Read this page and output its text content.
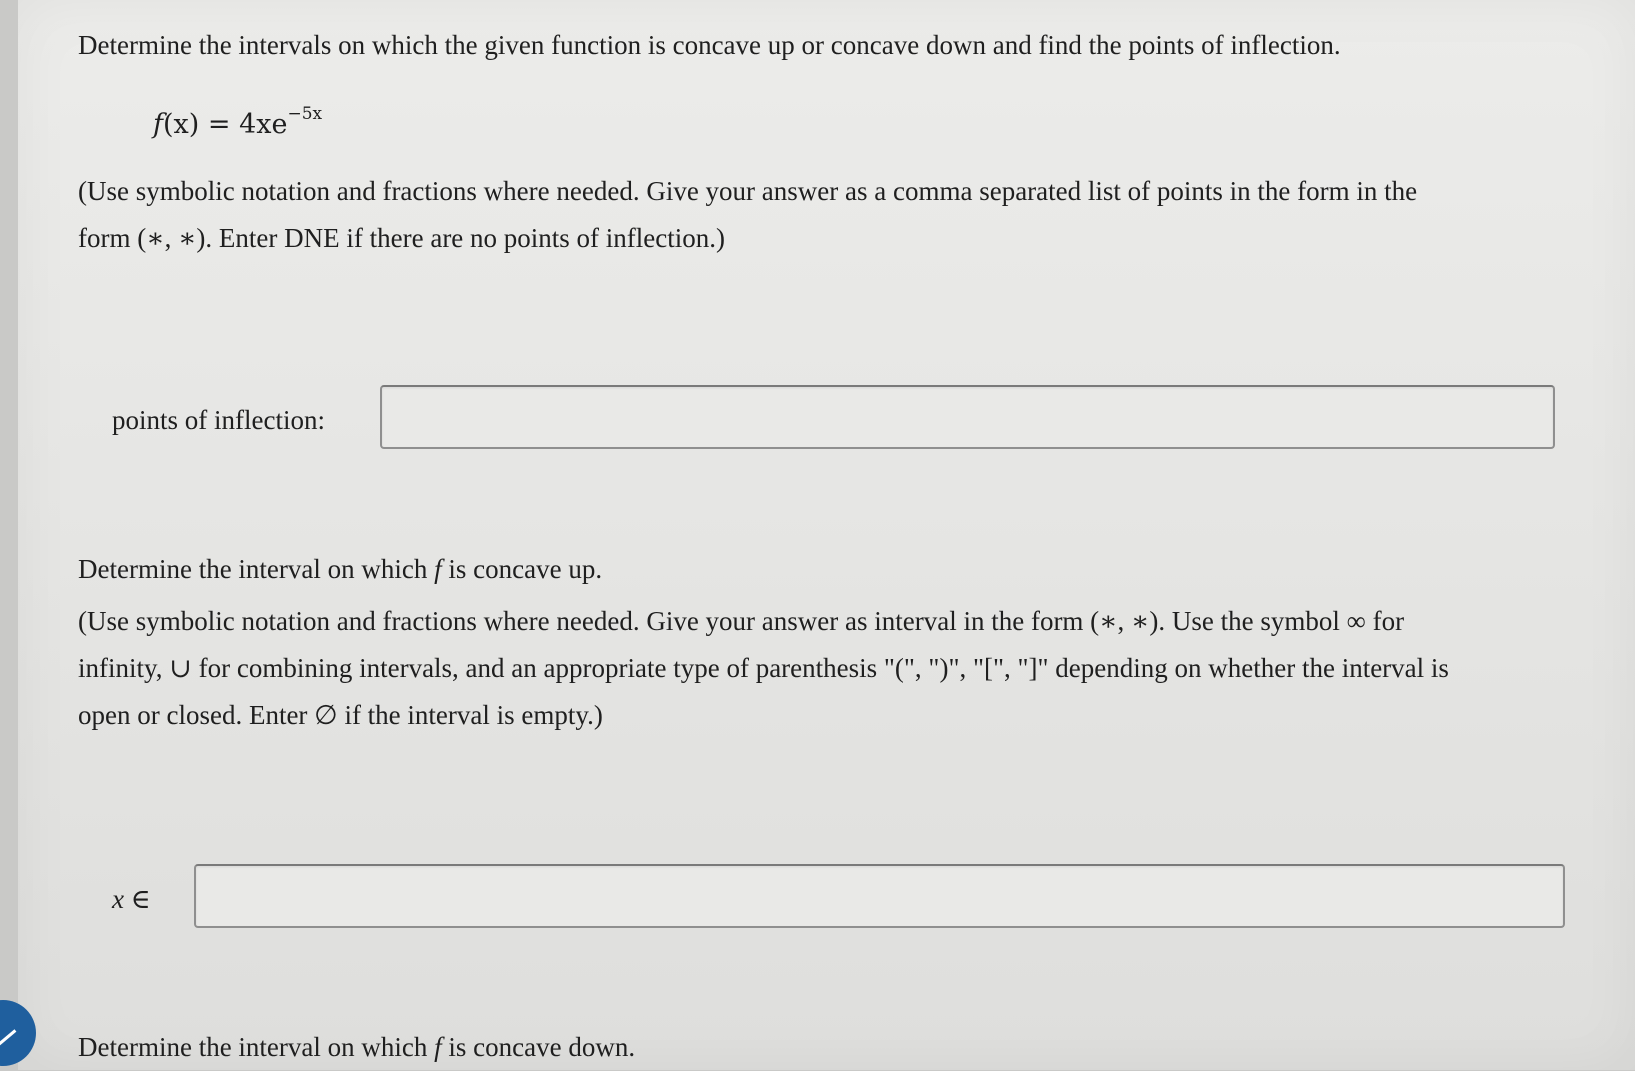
Determine the intervals on which the given function is concave up or concave down and find the points of inflection.
$f(x) = 4xe^{-5x}$
(Use symbolic notation and fractions where needed. Give your answer as a comma separated list of points in the form in the
form (∗, ∗). Enter DNE if there are no points of inflection.)
points of inflection:
Determine the interval on which f is concave up.
(Use symbolic notation and fractions where needed. Give your answer as interval in the form (∗, ∗). Use the symbol ∞ for
infinity, ∪ for combining intervals, and an appropriate type of parenthesis "(", ")", "[", "]" depending on whether the interval is
open or closed. Enter ∅ if the interval is empty.)
x ∈
Determine the interval on which f is concave down.
